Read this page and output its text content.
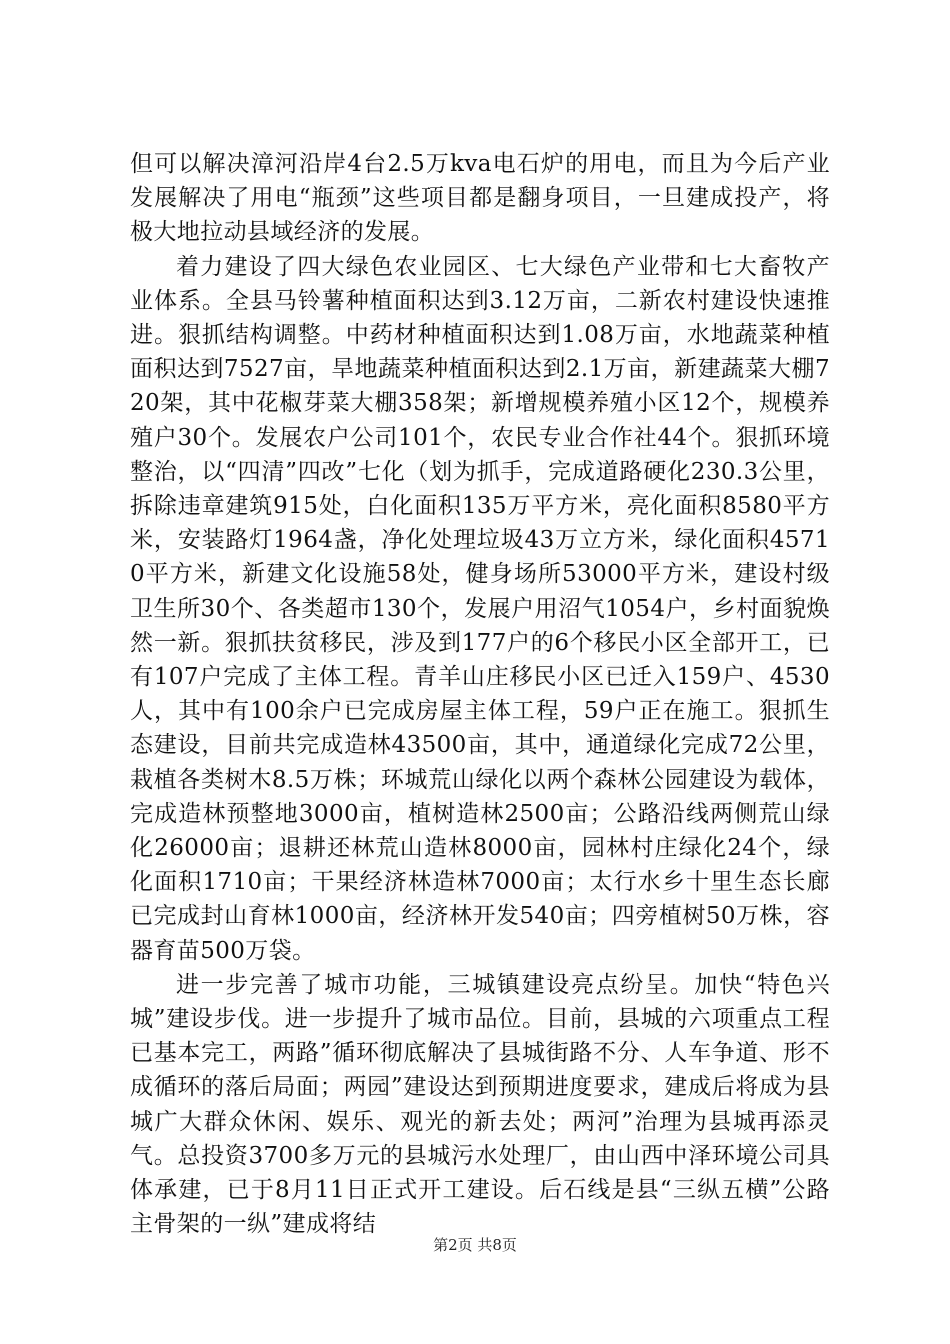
但可以解决漳河沿岸4台2.5万kva电石炉的用电，而且为今后产业发展解决了用电“瓶颈”这些项目都是翻身项目，一旦建成投产，将极大地拉动县域经济的发展。

着力建设了四大绿色农业园区、七大绿色产业带和七大畜牧产业体系。全县马铃薯种植面积达到3.12万亩，二新农村建设快速推进。狠抓结构调整。中药材种植面积达到1.08万亩，水地蔬菜种植面积达到7527亩，旱地蔬菜种植面积达到2.1万亩，新建蔬菜大棚720架，其中花椒芽菜大棚358架；新增规模养殖小区12个，规模养殖户30个。发展农户公司101个，农民专业合作社44个。狠抓环境整治，以“四清”四改”七化（划为抓手，完成道路硬化230.3公里，拆除违章建筑915处，白化面积135万平方米，亮化面积8580平方米，安装路灯1964盏，净化处理垃圾43万立方米，绿化面积45710平方米，新建文化设施58处，健身场所53000平方米，建设村级卫生所30个、各类超市130个，发展户用沼气1054户，乡村面貌焕然一新。狠抓扶贫移民，涉及到177户的6个移民小区全部开工，已有107户完成了主体工程。青羊山庄移民小区已迁入159户、4530人，其中有100余户已完成房屋主体工程，59户正在施工。狠抓生态建设，目前共完成造林43500亩，其中，通道绿化完成72公里，栽植各类树木8.5万株；环城荒山绿化以两个森林公园建设为载体，完成造林预整地3000亩，植树造林2500亩；公路沿线两侧荒山绿化26000亩；退耕还林荒山造林8000亩，园林村庄绿化24个，绿化面积1710亩；干果经济林造林7000亩；太行水乡十里生态长廊已完成封山育林1000亩，经济林开发540亩；四旁植树50万株，容器育苗500万袋。

进一步完善了城市功能，三城镇建设亮点纷呈。加快“特色兴城”建设步伐。进一步提升了城市品位。目前，县城的六项重点工程已基本完工，两路”循环彻底解决了县城街路不分、人车争道、形不成循环的落后局面；两园”建设达到预期进度要求，建成后将成为县城广大群众休闲、娱乐、观光的新去处；两河”治理为县城再添灵气。总投资3700多万元的县城污水处理厂，由山西中泽环境公司具体承建，已于8月11日正式开工建设。后石线是县“三纵五横”公路主骨架的一纵”建成将结

第2页 共8页
